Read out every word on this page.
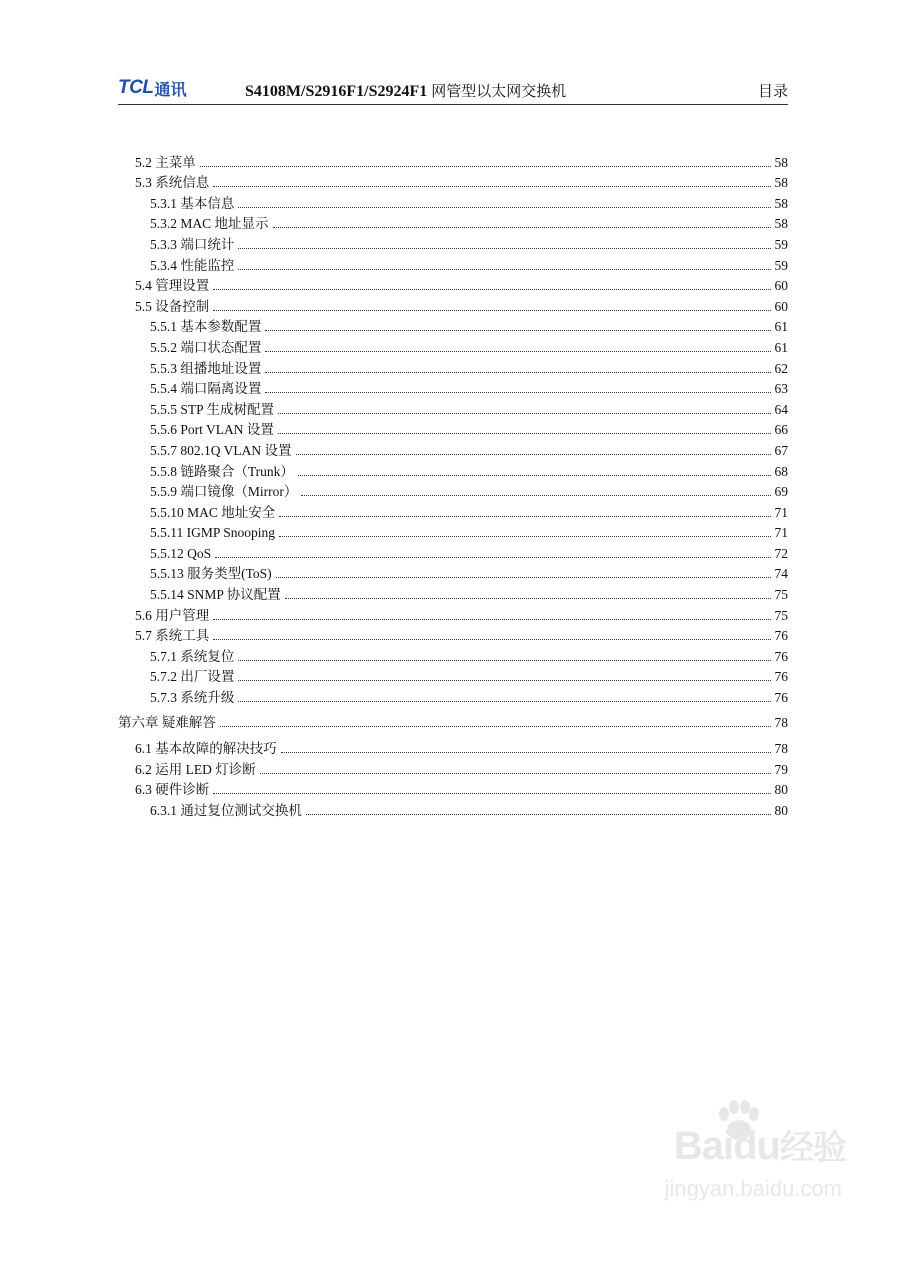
TCL 通讯	S4108M/S2916F1/S2924F1 网管型以太网交换机	目录
5.2 主菜单	58
5.3 系统信息	58
5.3.1 基本信息	58
5.3.2 MAC 地址显示	58
5.3.3 端口统计	59
5.3.4 性能监控	59
5.4 管理设置	60
5.5 设备控制	60
5.5.1 基本参数配置	61
5.5.2 端口状态配置	61
5.5.3 组播地址设置	62
5.5.4 端口隔离设置	63
5.5.5 STP 生成树配置	64
5.5.6 Port VLAN 设置	66
5.5.7 802.1Q VLAN 设置	67
5.5.8 链路聚合（Trunk）	68
5.5.9 端口镜像（Mirror）	69
5.5.10 MAC 地址安全	71
5.5.11 IGMP Snooping	71
5.5.12 QoS	72
5.5.13 服务类型(ToS)	74
5.5.14 SNMP 协议配置	75
5.6 用户管理	75
5.7 系统工具	76
5.7.1 系统复位	76
5.7.2 出厂设置	76
5.7.3 系统升级	76
第六章 疑难解答	78
6.1 基本故障的解决技巧	78
6.2 运用 LED 灯诊断	79
6.3 硬件诊断	80
6.3.1 通过复位测试交换机	80
Baidu经验
jingyan.baidu.com
